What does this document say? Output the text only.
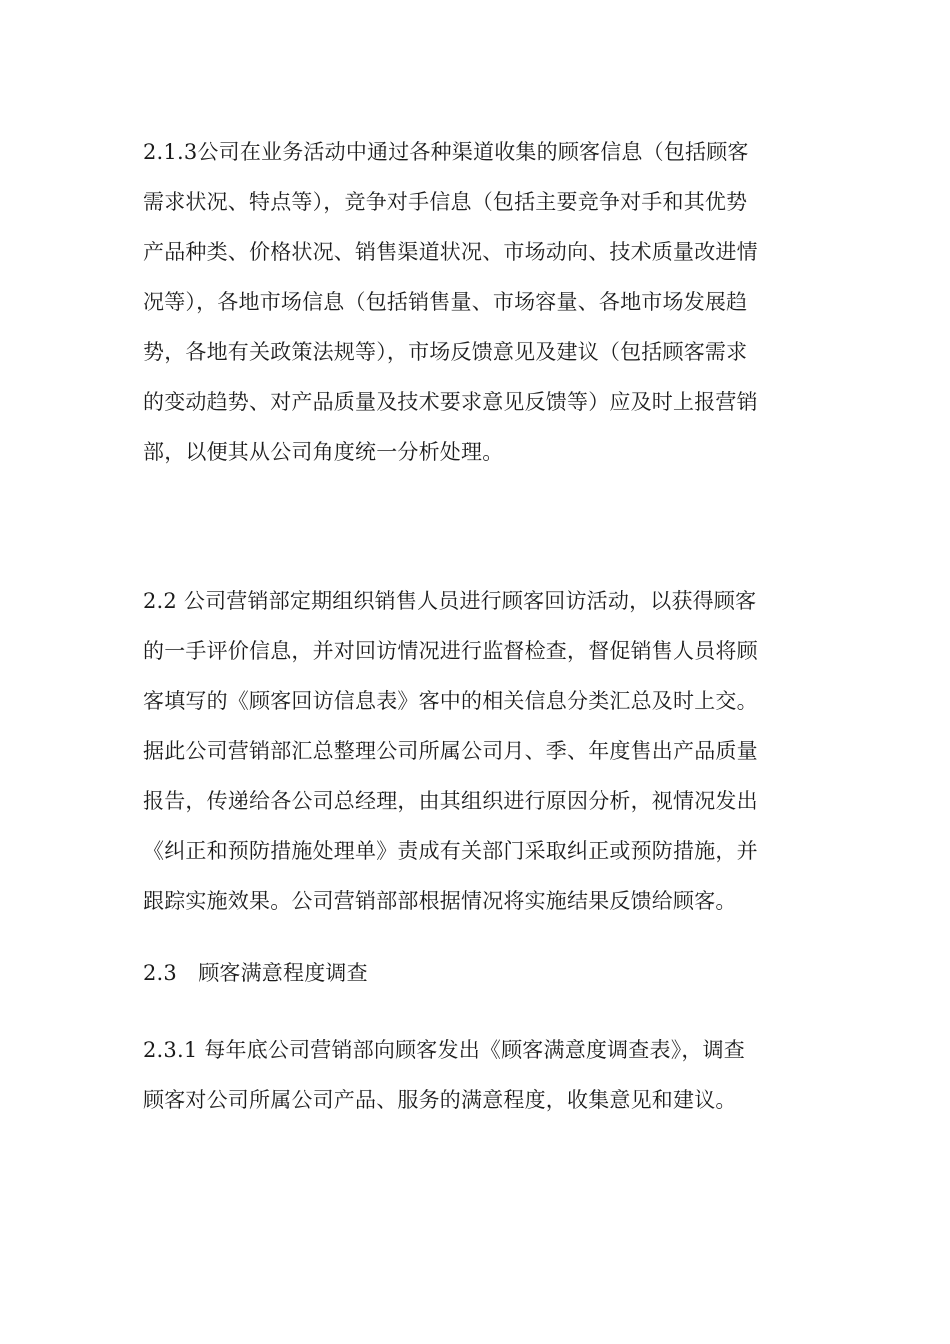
2.1.3公司在业务活动中通过各种渠道收集的顾客信息（包括顾客
需求状况、特点等），竞争对手信息（包括主要竞争对手和其优势
产品种类、价格状况、销售渠道状况、市场动向、技术质量改进情
况等），各地市场信息（包括销售量、市场容量、各地市场发展趋
势，各地有关政策法规等），市场反馈意见及建议（包括顾客需求
的变动趋势、对产品质量及技术要求意见反馈等）应及时上报营销
部，以便其从公司角度统一分析处理。
2.2 公司营销部定期组织销售人员进行顾客回访活动，以获得顾客
的一手评价信息，并对回访情况进行监督检查，督促销售人员将顾
客填写的《顾客回访信息表》客中的相关信息分类汇总及时上交。
据此公司营销部汇总整理公司所属公司月、季、年度售出产品质量
报告，传递给各公司总经理，由其组织进行原因分析，视情况发出
《纠正和预防措施处理单》责成有关部门采取纠正或预防措施，并
跟踪实施效果。公司营销部部根据情况将实施结果反馈给顾客。
2.3　顾客满意程度调查
2.3.1 每年底公司营销部向顾客发出《顾客满意度调查表》，调查
顾客对公司所属公司产品、服务的满意程度，收集意见和建议。
